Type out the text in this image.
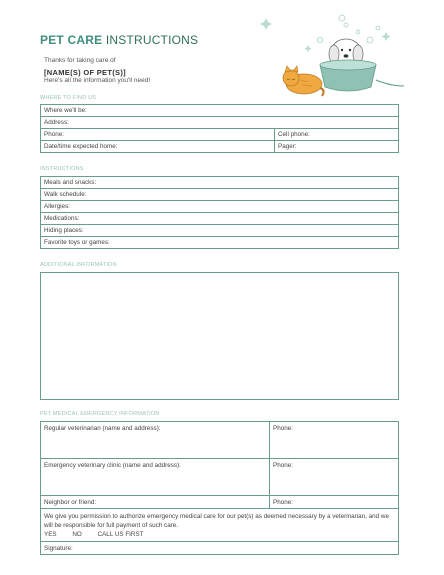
PET CARE INSTRUCTIONS
Thanks for taking care of
[NAME(S) OF PET(S)]
Here's all the information you'll need!
WHERE TO FIND US
Where we'll be:	
Address:	
Phone:	Cell phone:
Date/time expected home:	Pager:
INSTRUCTIONS
Meals and snacks:
Walk schedule:
Allergies:
Medications:
Hiding places:
Favorite toys or games:
ADDITIONAL INFORMATION
PET MEDICAL EMERGENCY INFORMATION
Regular veterinarian (name and address):	Phone:
Emergency veterinary clinic (name and address):	Phone:
Neighbor or friend:	Phone:

We give you permission to authorize emergency medical care for our pet(s) as deemed necessary by a veterinarian, and we will be responsible for full payment of such care.
YES NO CALL US FIRST	

Signature:	
